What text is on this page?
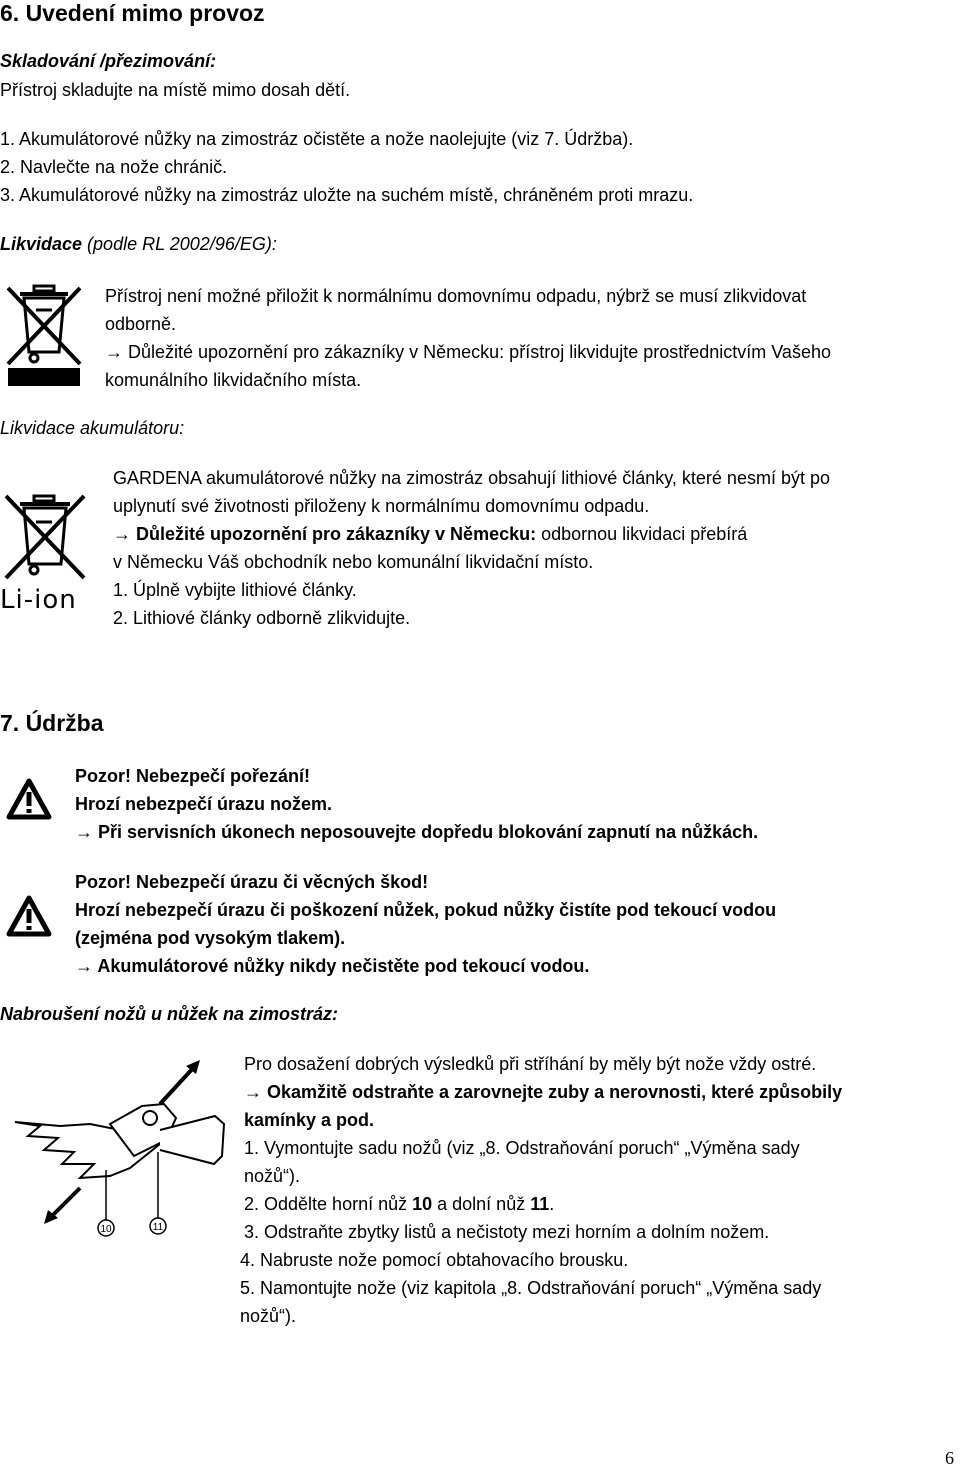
6. Uvedení mimo provoz
Skladování /přezimování:
Přístroj skladujte na místě mimo dosah dětí.
1. Akumulátorové nůžky na zimostráz očistěte a nože naolejujte (viz 7. Údržba).
2. Navlečte na nože chránič.
3. Akumulátorové nůžky na zimostráz uložte na suchém místě, chráněném proti mrazu.
Likvidace (podle RL 2002/96/EG):
Přístroj není možné přiložit k normálnímu domovnímu odpadu, nýbrž se musí zlikvidovat
odborně.
→ Důležité upozornění pro zákazníky v Německu: přístroj likvidujte prostřednictvím Vašeho
komunálního likvidačního místa.
Likvidace akumulátoru:
Li-ion
GARDENA akumulátorové nůžky na zimostráz obsahují lithiové články, které nesmí být po
uplynutí své životnosti přiloženy k normálnímu domovnímu odpadu.
→ Důležité upozornění pro zákazníky v Německu: odbornou likvidaci přebírá
v Německu Váš obchodník nebo komunální likvidační místo.
1. Úplně vybijte lithiové články.
2. Lithiové články odborně zlikvidujte.
7. Údržba
Pozor! Nebezpečí pořezání!
Hrozí nebezpečí úrazu nožem.
→ Při servisních úkonech neposouvejte dopředu blokování zapnutí na nůžkách.
Pozor! Nebezpečí úrazu či věcných škod!
Hrozí nebezpečí úrazu či poškození nůžek, pokud nůžky čistíte pod tekoucí vodou
(zejména pod vysokým tlakem).
→ Akumulátorové nůžky nikdy nečistěte pod tekoucí vodou.
Nabroušení nožů u nůžek na zimostráz:
10	11
Pro dosažení dobrých výsledků při stříhání by měly být nože vždy ostré.
→ Okamžitě odstraňte a zarovnejte zuby a nerovnosti, které způsobily
kamínky a pod.
1. Vymontujte sadu nožů (viz „8. Odstraňování poruch“ „Výměna sady
nožů“).
2. Oddělte horní nůž 10 a dolní nůž 11.
3. Odstraňte zbytky listů a nečistoty mezi horním a dolním nožem.
4. Nabruste nože pomocí obtahovacího brousku.
5. Namontujte nože (viz kapitola „8. Odstraňování poruch“ „Výměna sady
nožů“).
6
